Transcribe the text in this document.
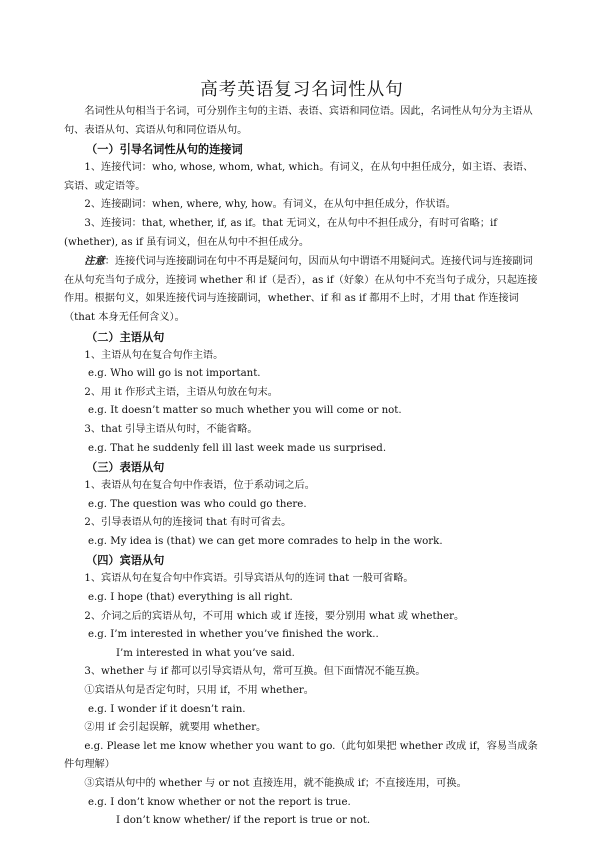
高考英语复习名词性从句

名词性从句相当于名词，可分别作主句的主语、表语、宾语和同位语。因此，名词性从句分为主语从句、表语从句、宾语从句和同位语从句。

（一）引导名词性从句的连接词

1、连接代词：who, whose, whom, what, which。有词义，在从句中担任成分，如主语、表语、宾语、或定语等。

2、连接副词：when, where, why, how。有词义，在从句中担任成分，作状语。

3、连接词：that, whether, if, as if。that 无词义，在从句中不担任成分，有时可省略；if (whether), as if 虽有词义，但在从句中不担任成分。

注意：连接代词与连接副词在句中不再是疑问句，因而从句中谓语不用疑问式。连接代词与连接副词在从句充当句子成分，连接词 whether 和 if（是否），as if（好象）在从句中不充当句子成分，只起连接作用。根据句义，如果连接代词与连接副词，whether、if 和 as if 都用不上时，才用 that 作连接词（that 本身无任何含义）。

（二）主语从句

1、主语从句在复合句作主语。

e.g. Who will go is not important.

2、用 it 作形式主语，主语从句放在句末。

e.g. It doesn’t matter so much whether you will come or not.

3、that 引导主语从句时，不能省略。

e.g. That he suddenly fell ill last week made us surprised.

（三）表语从句

1、表语从句在复合句中作表语，位于系动词之后。

e.g. The question was who could go there.

2、引导表语从句的连接词 that 有时可省去。

e.g. My idea is (that) we can get more comrades to help in the work.

（四）宾语从句

1、宾语从句在复合句中作宾语。引导宾语从句的连词 that 一般可省略。

e.g. I hope (that) everything is all right.

2、介词之后的宾语从句，不可用 which 或 if 连接，要分别用 what 或 whether。

e.g. I’m interested in whether you’ve finished the work..

I’m interested in what you’ve said.

3、whether 与 if 都可以引导宾语从句，常可互换。但下面情况不能互换。

①宾语从句是否定句时，只用 if，不用 whether。

e.g. I wonder if it doesn’t rain.

②用 if 会引起误解，就要用 whether。

e.g. Please let me know whether you want to go.（此句如果把 whether 改成 if，容易当成条件句理解）

③宾语从句中的 whether 与 or not 直接连用，就不能换成 if；不直接连用，可换。

e.g. I don’t know whether or not the report is true.

I don’t know whether/ if the report is true or not.
